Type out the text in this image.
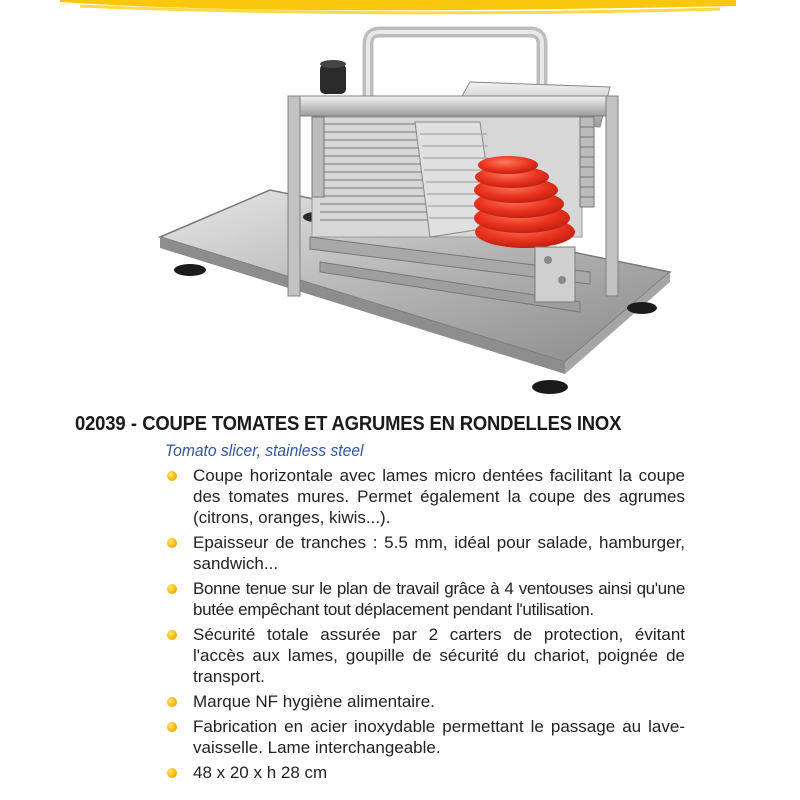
02039 - COUPE TOMATES ET AGRUMES EN RONDELLES INOX
Tomato slicer, stainless steel
Coupe horizontale avec lames micro dentées facilitant la coupe des tomates mures. Permet également la coupe des agrumes (citrons, oranges, kiwis...).
Epaisseur de tranches : 5.5 mm, idéal pour salade, hamburger, sandwich...
Bonne tenue sur le plan de travail grâce à 4 ventouses ainsi qu'une butée empêchant tout déplacement pendant l'utilisation.
Sécurité totale assurée par 2 carters de protection, évitant l'accès aux lames, goupille de sécurité du chariot, poignée de transport.
Marque NF hygiène alimentaire.
Fabrication en acier inoxydable permettant le passage au lave-vaisselle. Lame interchangeable.
48 x 20 x h 28 cm
